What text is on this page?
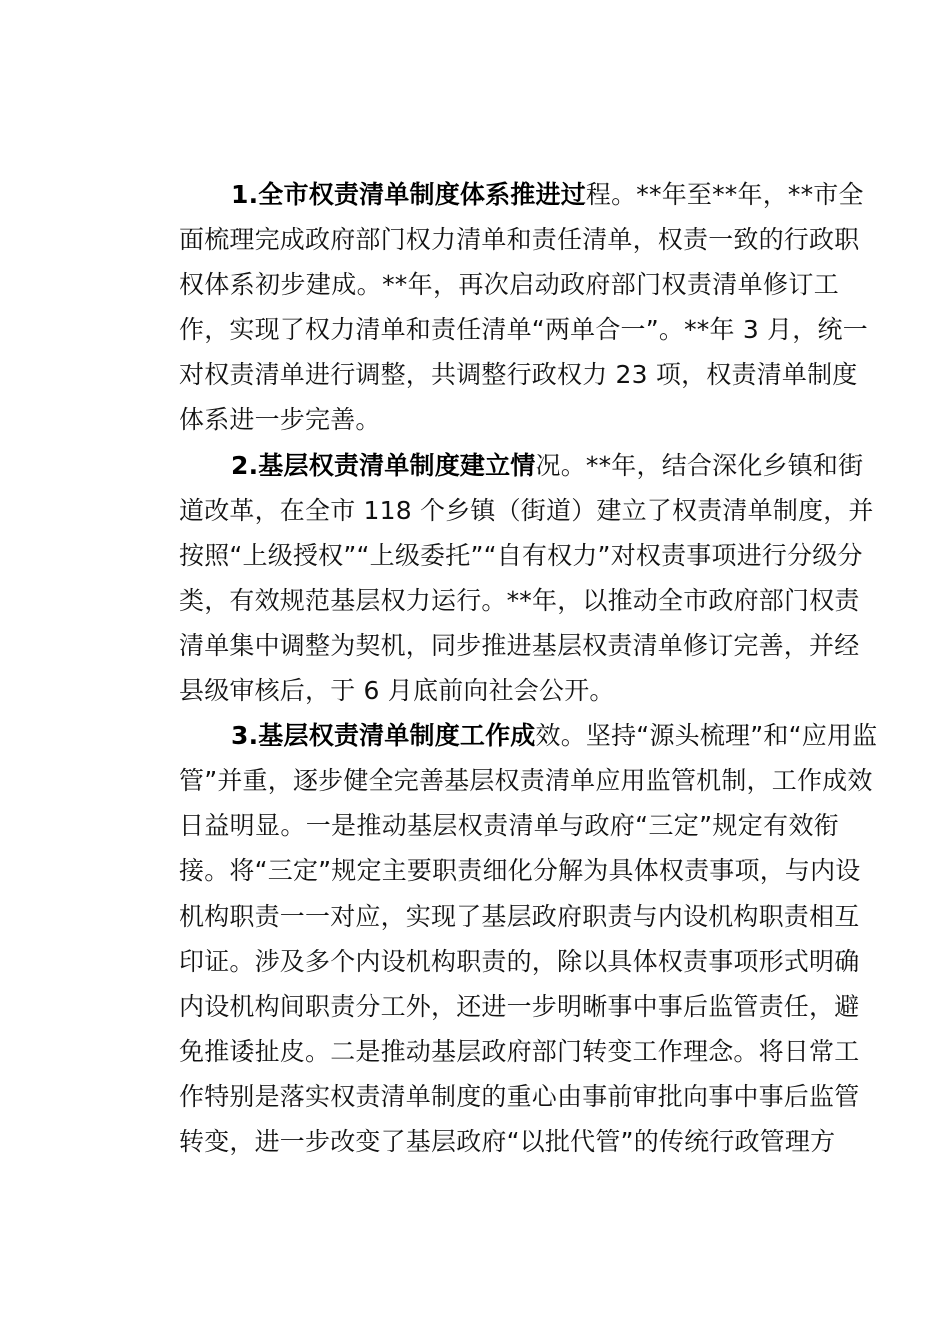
1.全市权责清单制度体系推进过程。**年至**年，**市全
面梳理完成政府部门权力清单和责任清单，权责一致的行政职
权体系初步建成。**年，再次启动政府部门权责清单修订工
作，实现了权力清单和责任清单“两单合一”。**年 3 月，统一
对权责清单进行调整，共调整行政权力 23 项，权责清单制度
体系进一步完善。
2.基层权责清单制度建立情况。**年，结合深化乡镇和街
道改革，在全市 118 个乡镇（街道）建立了权责清单制度，并
按照“上级授权”“上级委托”“自有权力”对权责事项进行分级分
类，有效规范基层权力运行。**年，以推动全市政府部门权责
清单集中调整为契机，同步推进基层权责清单修订完善，并经
县级审核后，于 6 月底前向社会公开。
3.基层权责清单制度工作成效。坚持“源头梳理”和“应用监
管”并重，逐步健全完善基层权责清单应用监管机制，工作成效
日益明显。一是推动基层权责清单与政府“三定”规定有效衔
接。将“三定”规定主要职责细化分解为具体权责事项，与内设
机构职责一一对应，实现了基层政府职责与内设机构职责相互
印证。涉及多个内设机构职责的，除以具体权责事项形式明确
内设机构间职责分工外，还进一步明晰事中事后监管责任，避
免推诿扯皮。二是推动基层政府部门转变工作理念。将日常工
作特别是落实权责清单制度的重心由事前审批向事中事后监管
转变，进一步改变了基层政府“以批代管”的传统行政管理方
